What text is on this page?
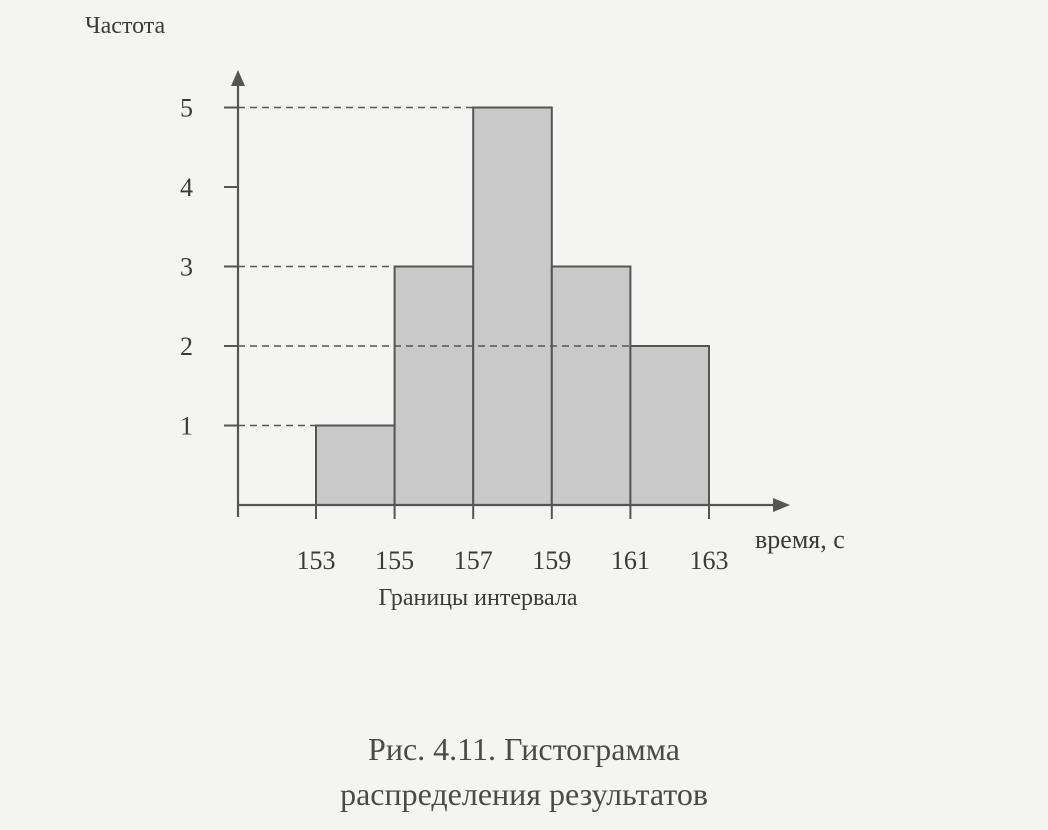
1
2
3
4
5
153 155 157 159 161 163
Частота
время, с
Границы интервала
Рис. 4.11. Гистограмма
распределения результатов
